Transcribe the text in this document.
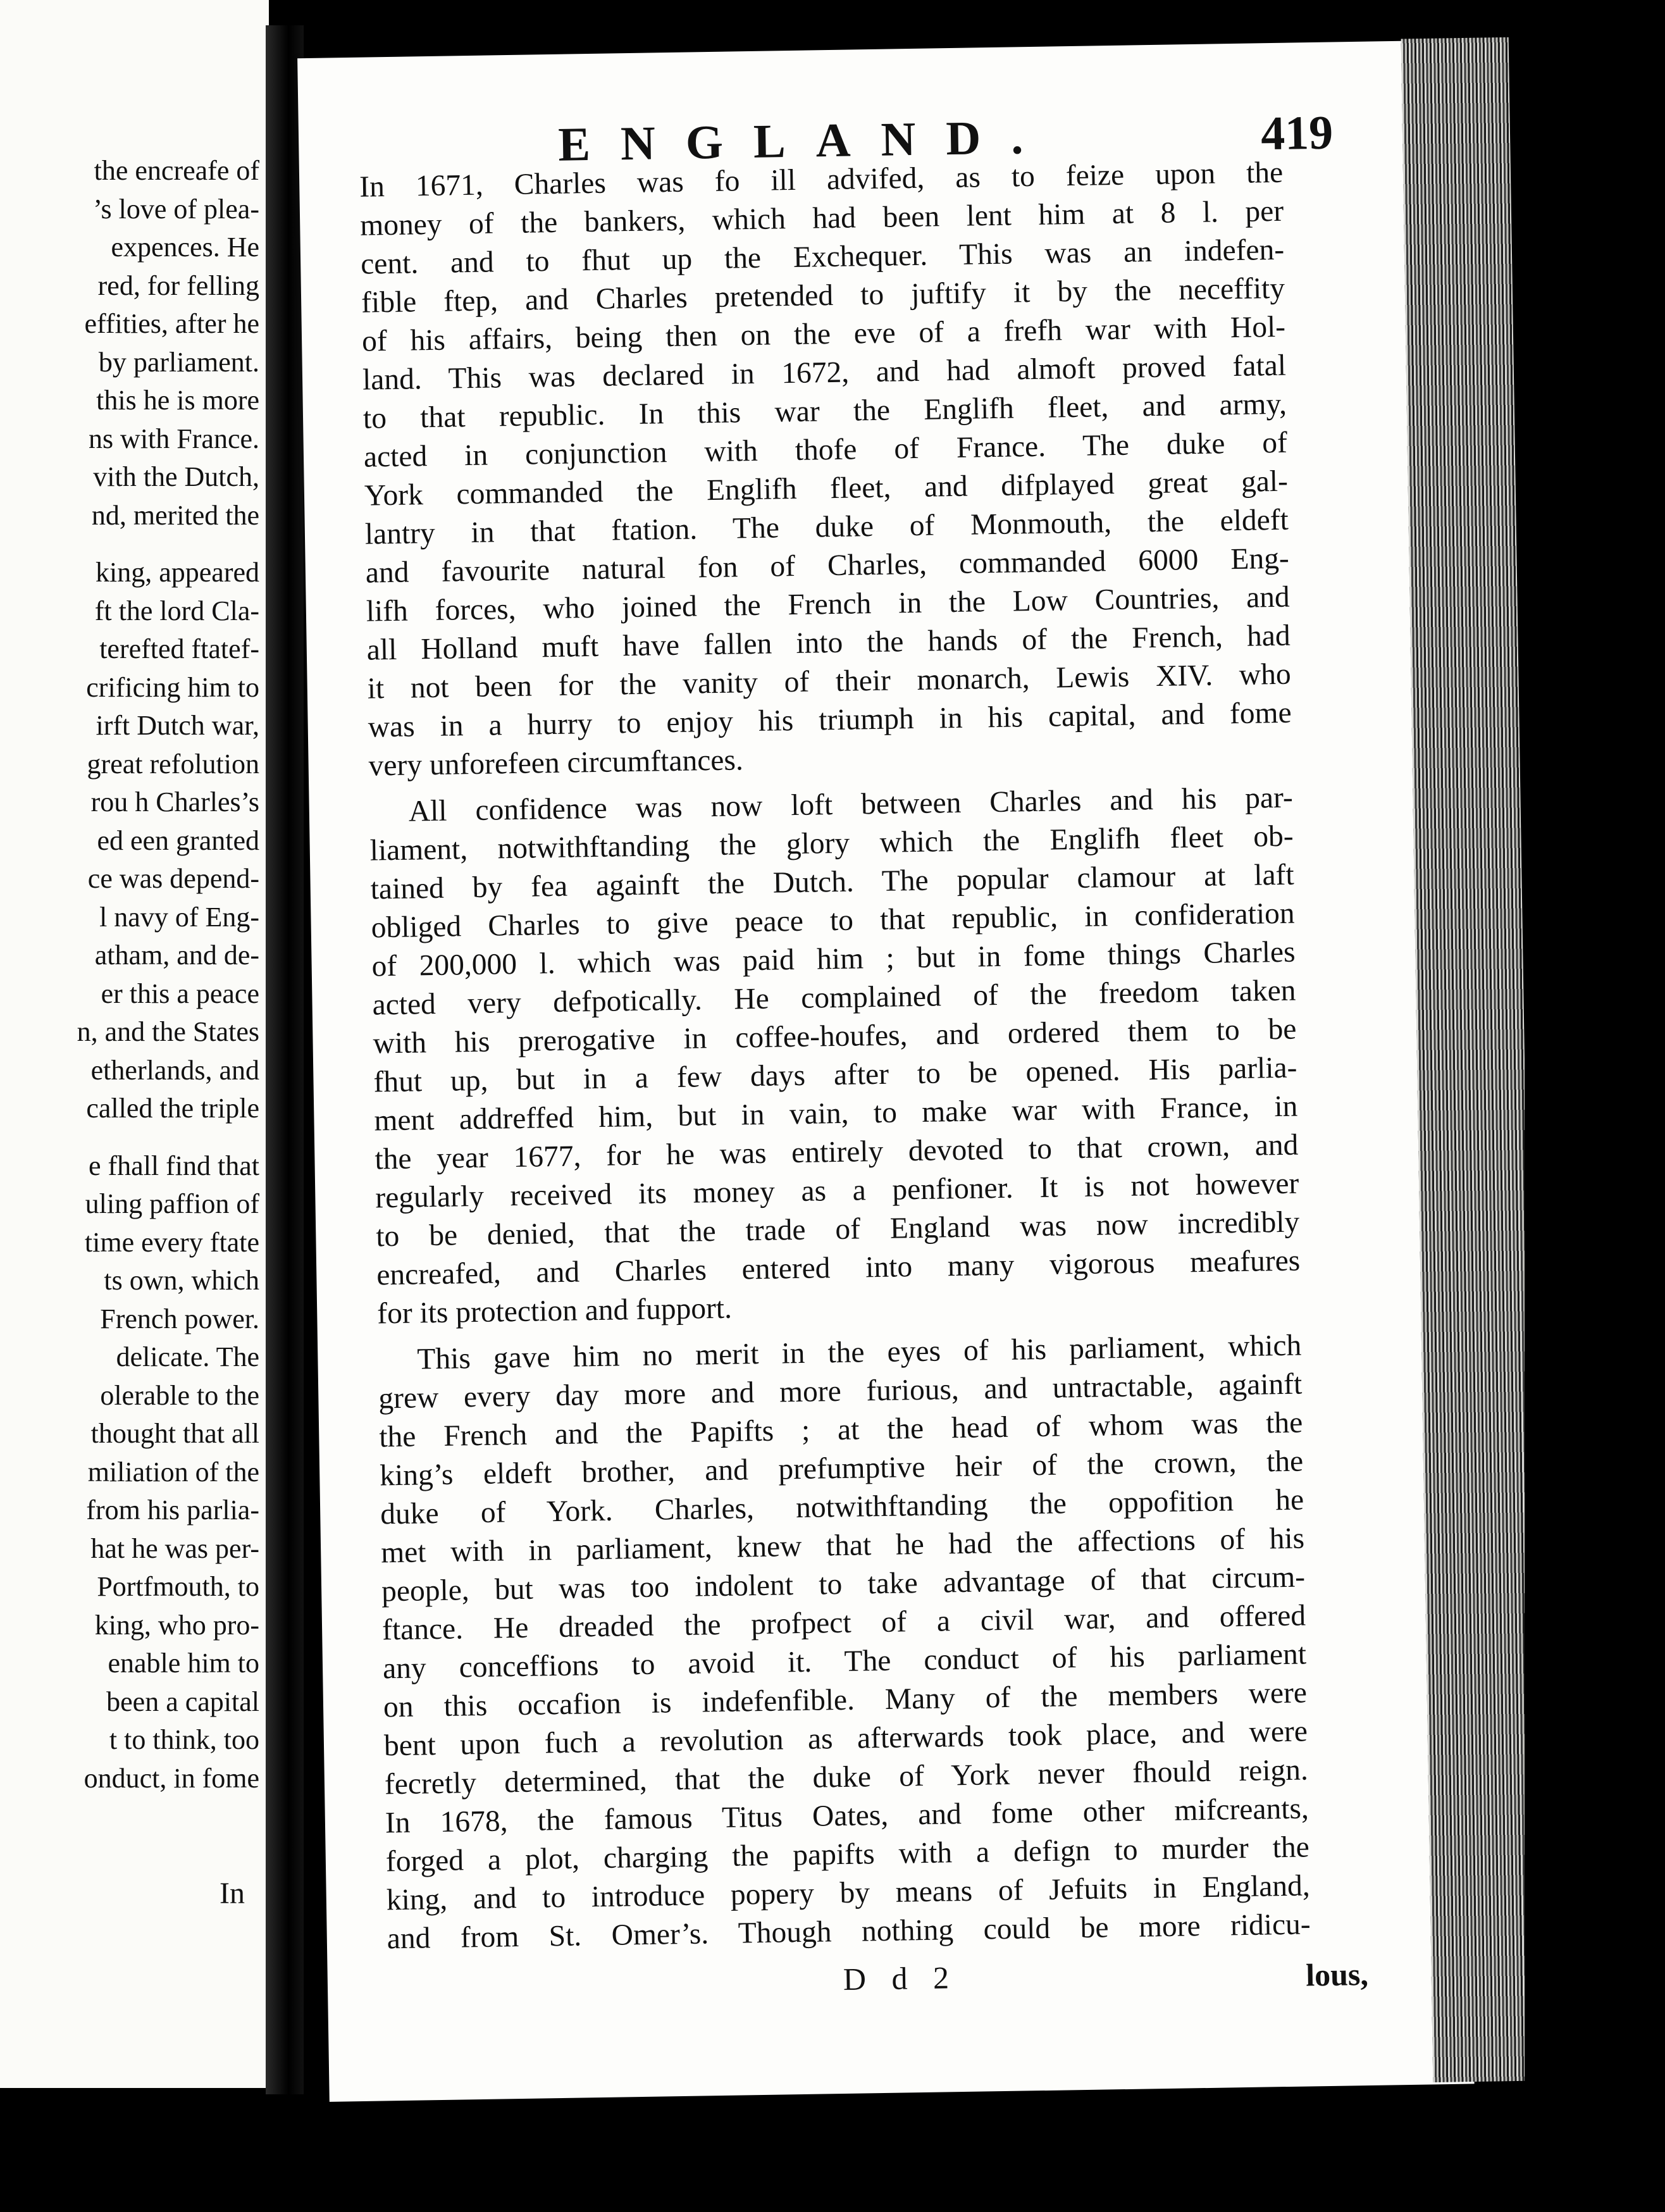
the encreafe of
’s love of plea-
expences. He
red, for felling
effities, after he
by parliament.
this he is more
ns with France.
vith the Dutch,
nd, merited the
king, appeared
ft the lord Cla-
terefted ftatef-
crificing him to
irft Dutch war,
great refolution
rou h Charles’s
ed een granted
ce was depend-
l navy of Eng-
atham, and de-
er this a peace
n, and the States
etherlands, and
called the triple
e fhall find that
uling paffion of
time every ftate
ts own, which
French power.
delicate. The
olerable to the
thought that all
miliation of the
from his parlia-
hat he was per-
Portfmouth, to
king, who pro-
enable him to
been a capital
t to think, too
onduct, in fome
In
ENGLAND.	419
In 1671, Charles was fo ill advifed, as to feize upon the
money of the bankers, which had been lent him at 8 l. per
cent. and to fhut up the Exchequer. This was an indefen-
fible ftep, and Charles pretended to juftify it by the neceffity
of his affairs, being then on the eve of a frefh war with Hol-
land. This was declared in 1672, and had almoft proved fatal
to that republic. In this war the Englifh fleet, and army,
acted in conjunction with thofe of France. The duke of
York commanded the Englifh fleet, and difplayed great gal-
lantry in that ftation. The duke of Monmouth, the eldeft
and favourite natural fon of Charles, commanded 6000 Eng-
lifh forces, who joined the French in the Low Countries, and
all Holland muft have fallen into the hands of the French, had
it not been for the vanity of their monarch, Lewis XIV. who
was in a hurry to enjoy his triumph in his capital, and fome
very unforefeen circumftances.
All confidence was now loft between Charles and his par-
liament, notwithftanding the glory which the Englifh fleet ob-
tained by fea againft the Dutch. The popular clamour at laft
obliged Charles to give peace to that republic, in confideration
of 200,000 l. which was paid him ; but in fome things Charles
acted very defpotically. He complained of the freedom taken
with his prerogative in coffee-houfes, and ordered them to be
fhut up, but in a few days after to be opened. His parlia-
ment addreffed him, but in vain, to make war with France, in
the year 1677, for he was entirely devoted to that crown, and
regularly received its money as a penfioner. It is not however
to be denied, that the trade of England was now incredibly
encreafed, and Charles entered into many vigorous meafures
for its protection and fupport.
This gave him no merit in the eyes of his parliament, which
grew every day more and more furious, and untractable, againft
the French and the Papifts ; at the head of whom was the
king’s eldeft brother, and prefumptive heir of the crown, the
duke of York. Charles, notwithftanding the oppofition he
met with in parliament, knew that he had the affections of his
people, but was too indolent to take advantage of that circum-
ftance. He dreaded the profpect of a civil war, and offered
any conceffions to avoid it. The conduct of his parliament
on this occafion is indefenfible. Many of the members were
bent upon fuch a revolution as afterwards took place, and were
fecretly determined, that the duke of York never fhould reign.
In 1678, the famous Titus Oates, and fome other mifcreants,
forged a plot, charging the papifts with a defign to murder the
king, and to introduce popery by means of Jefuits in England,
and from St. Omer’s. Though nothing could be more ridicu-
D d 2	lous,
